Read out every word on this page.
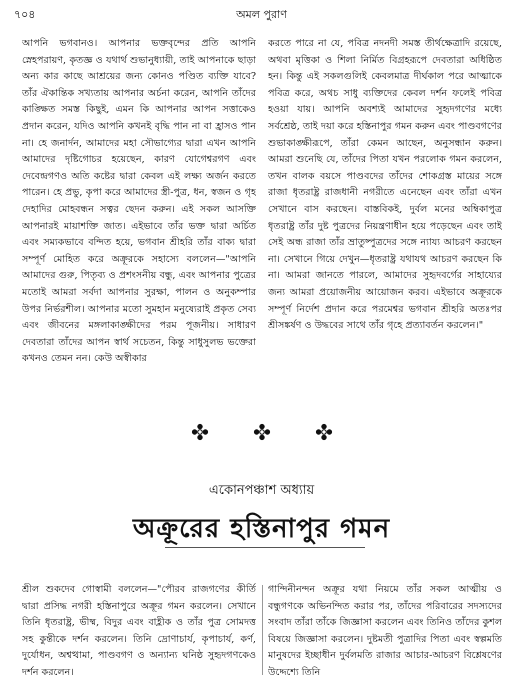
৭০৪	অমল পুরাণ

আপনি ভগবানও। আপনার ভক্তবৃন্দের প্রতি আপনি স্নেহপরায়ণ, কৃতজ্ঞ ও যথার্থ শুভানুধ্যায়ী, তাই আপনাকে ছাড়া অন্য কার কাছে আশ্রয়ের জন্য কোনও পণ্ডিত ব্যক্তি যাবে? তাঁর ঐকান্তিক সখ্যতায় আপনার অর্চনা করেন, আপনি তাঁদের কাঙ্ক্ষিত সমস্ত কিছুই, এমন কি আপনার আপন সত্তাকেও প্রদান করেন, যদিও আপনি কখনই বৃদ্ধি পান না বা হ্রাসও পান না। হে জনার্দন, আমাদের মহা সৌভাগ্যের দ্বারা এখন আপনি আমাদের দৃষ্টিগোচর হয়েছেন, কারণ যোগেশ্বরগণ এবং দেবেন্দ্রগণও অতি কষ্টের দ্বারা কেবল এই লক্ষ্য অর্জন করতে পারেন। হে প্রভু, কৃপা করে আমাদের স্ত্রী-পুত্র, ধন, স্বজন ও গৃহ দেহাদির মোহবন্ধন সত্বর ছেদন করুন। এই সকল আসক্তি আপনারই মায়াশক্তি জাত। এইভাবে তাঁর ভক্ত দ্বারা অর্চিত এবং সম্যকভাবে বন্দিত হয়ে, ভগবান শ্রীহরি তাঁর বাক্য দ্বারা সম্পূর্ণ মোহিত করে অক্রূরকে সহাস্যে বললেন—"আপনি আমাদের গুরু, পিতৃব্য ও প্রশংসনীয় বন্ধু, এবং আপনার পুত্রের মতোই আমরা সর্বদা আপনার সুরক্ষা, পালন ও অনুকম্পার উপর নির্ভরশীল। আপনার মতো সুমহান মনুষ্যেরাই প্রকৃত সেব্য এবং জীবনের মঙ্গলাকাঙ্ক্ষীদের পরম পূজনীয়। সাধারণ দেবতারা তাঁদের আপন স্বার্থ সচেতন, কিন্তু সাধুসুলভ ভক্তেরা কখনও তেমন নন। কেউ অস্বীকার

করতে পারে না যে, পবিত্র নদনদী সমস্ত তীর্থক্ষেত্রাদি রয়েছে, অথবা মৃত্তিকা ও শিলা নির্মিত বিগ্রহরূপে দেবতারা অধিষ্ঠিত হন। কিন্তু এই সকলগুলিই কেবলমাত্র দীর্ঘকাল পরে আত্মাকে পবিত্র করে, অথচ সাধু ব্যক্তিদের কেবল দর্শন ফলেই পবিত্র হওয়া যায়। আপনি অবশ্যই আমাদের সুহৃদগণের মধ্যে সর্বশ্রেষ্ঠ, তাই দয়া করে হস্তিনাপুর গমন করুন এবং পাণ্ডবগণের শুভাকাঙ্ক্ষীরূপে, তাঁরা কেমন আছেন, অনুসন্ধান করুন। আমরা শুনেছি যে, তাঁদের পিতা যখন পরলোক গমন করলেন, তখন বালক বয়সে পাণ্ডবদের তাঁদের শোকগ্রস্ত মায়ের সঙ্গে রাজা ধৃতরাষ্ট্র রাজধানী নগরীতে এনেছেন এবং তাঁরা এখন সেখানে বাস করছেন। বাস্তবিকই, দুর্বল মনের অম্বিকাপুত্র ধৃতরাষ্ট্র তাঁর দুষ্ট পুত্রদের নিয়ন্ত্রণাধীন হয়ে পড়েছেন এবং তাই সেই অন্ধ রাজা তাঁর ভ্রাতুষ্পুত্রদের সঙ্গে ন্যায্য আচরণ করছেন না। সেখানে গিয়ে দেখুন—ধৃতরাষ্ট্র যথাযথ আচরণ করছেন কি না। আমরা জানতে পারলে, আমাদের সুহৃদবর্গের সাহায্যের জন্য আমরা প্রয়োজনীয় আয়োজন করব। এইভাবে অক্রূরকে সম্পূর্ণ নির্দেশ প্রদান করে পরমেশ্বর ভগবান শ্রীহরি অতঃপর শ্রীসঙ্কর্ষণ ও উদ্ধবের সাথে তাঁর গৃহে প্রত্যাবর্তন করলেন।"

একোনপঞ্চাশ অধ্যায়
অক্রূরের হস্তিনাপুর গমন

শ্রীল শুকদেব গোস্বামী বললেন—"পৌরব রাজগণের কীর্তি দ্বারা প্রসিদ্ধ নগরী হস্তিনাপুরে অক্রূর গমন করলেন। সেখানে তিনি ধৃতরাষ্ট্র, ভীষ্ম, বিদুর এবং বাহ্লীক ও তাঁর পুত্র সোমদত্ত সহ কুন্তীকে দর্শন করলেন। তিনি দ্রোণাচার্য, কৃপাচার্য, কর্ণ, দুর্যোধন, অশ্বত্থামা, পাণ্ডবগণ ও অন্যান্য ঘনিষ্ঠ সুহৃদগণকেও দর্শন করলেন।

গান্দিনীনন্দন অক্রূর যথা নিয়মে তাঁর সকল আত্মীয় ও বন্ধুগণকে অভিনন্দিত করার পর, তাঁদের পরিবারের সদস্যদের সংবাদ তাঁরা তাঁকে জিজ্ঞাসা করলেন এবং তিনিও তাঁদের কুশল বিষয়ে জিজ্ঞাসা করলেন। দুষ্টমতী পুত্রাদির পিতা এবং স্বল্পমতি মানুষদের ইচ্ছাধীন দুর্বলমতি রাজার আচার-আচরণ বিশ্লেষণের উদ্দেশ্যে তিনি
